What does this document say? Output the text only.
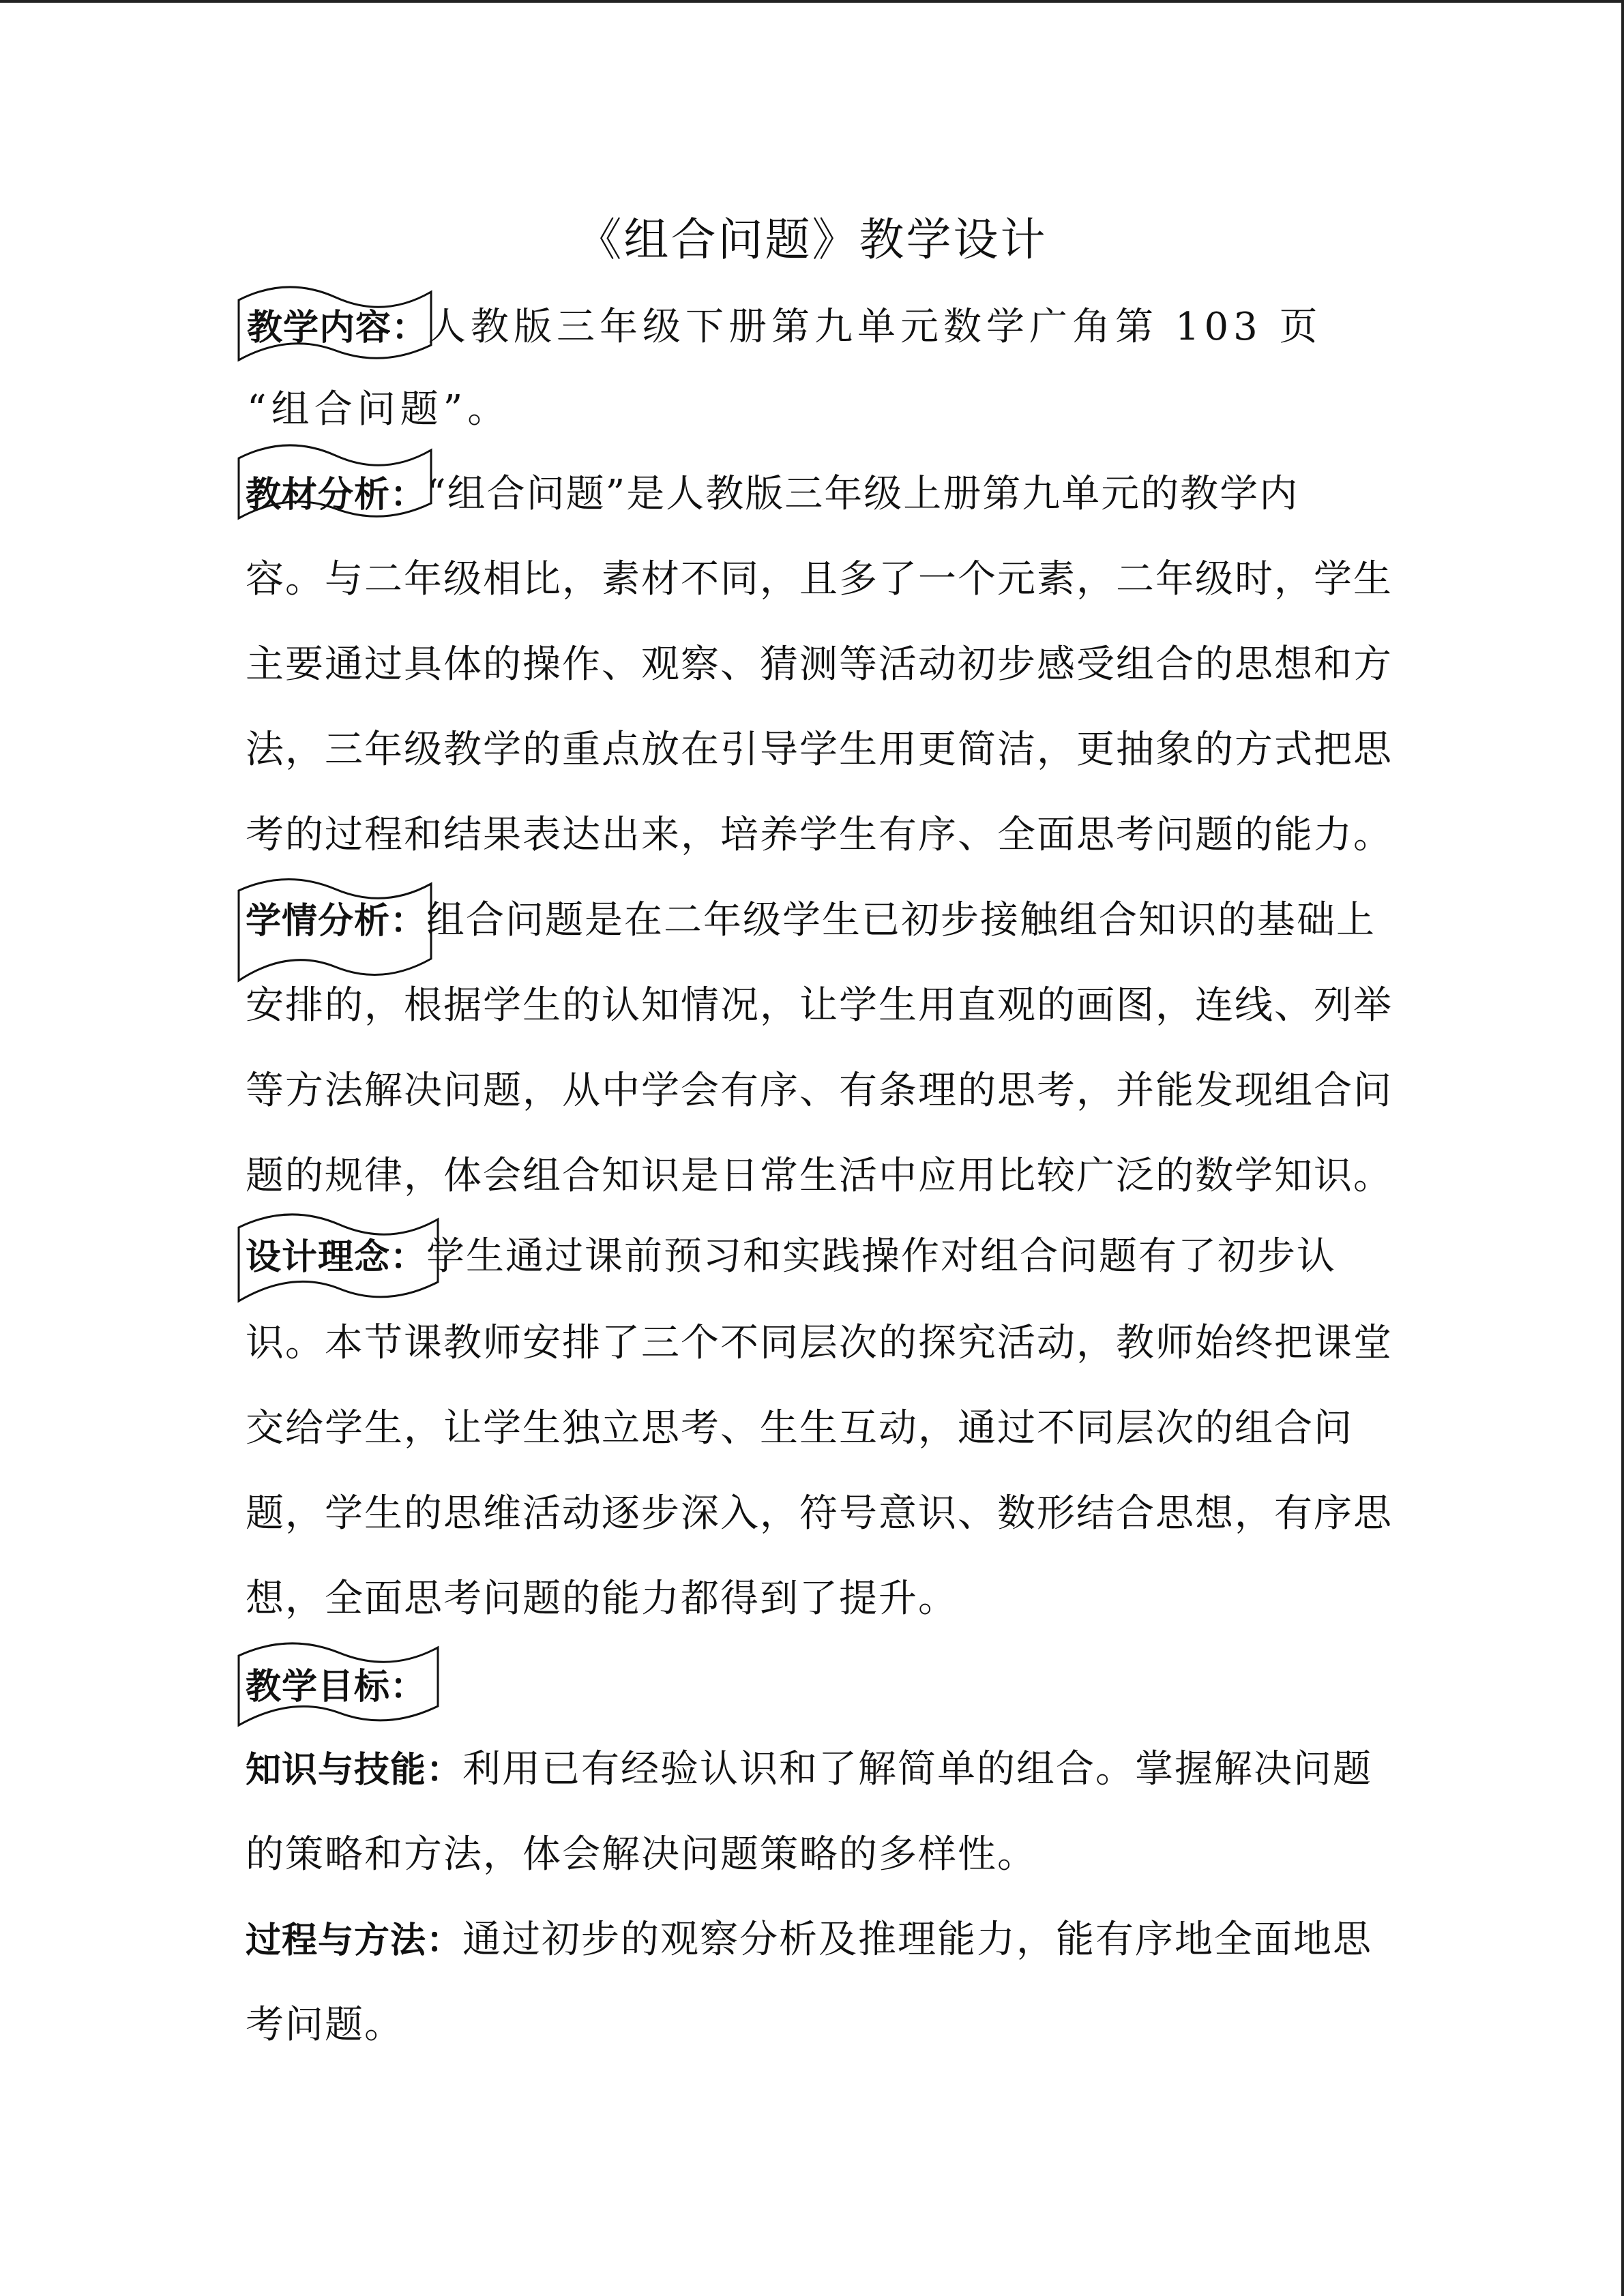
《组合问题》教学设计
教学内容：人教版三年级下册第九单元数学广角第 103 页
“组合问题”。
教材分析：“组合问题”是人教版三年级上册第九单元的教学内
容。与二年级相比，素材不同，且多了一个元素，二年级时，学生
主要通过具体的操作、观察、猜测等活动初步感受组合的思想和方
法，三年级教学的重点放在引导学生用更简洁，更抽象的方式把思
考的过程和结果表达出来，培养学生有序、全面思考问题的能力。
学情分析：组合问题是在二年级学生已初步接触组合知识的基础上
安排的，根据学生的认知情况，让学生用直观的画图，连线、列举
等方法解决问题，从中学会有序、有条理的思考，并能发现组合问
题的规律，体会组合知识是日常生活中应用比较广泛的数学知识。
设计理念：学生通过课前预习和实践操作对组合问题有了初步认
识。本节课教师安排了三个不同层次的探究活动，教师始终把课堂
交给学生，让学生独立思考、生生互动，通过不同层次的组合问
题，学生的思维活动逐步深入，符号意识、数形结合思想，有序思
想，全面思考问题的能力都得到了提升。
教学目标：
知识与技能：利用已有经验认识和了解简单的组合。掌握解决问题
的策略和方法，体会解决问题策略的多样性。
过程与方法：通过初步的观察分析及推理能力，能有序地全面地思
考问题。
